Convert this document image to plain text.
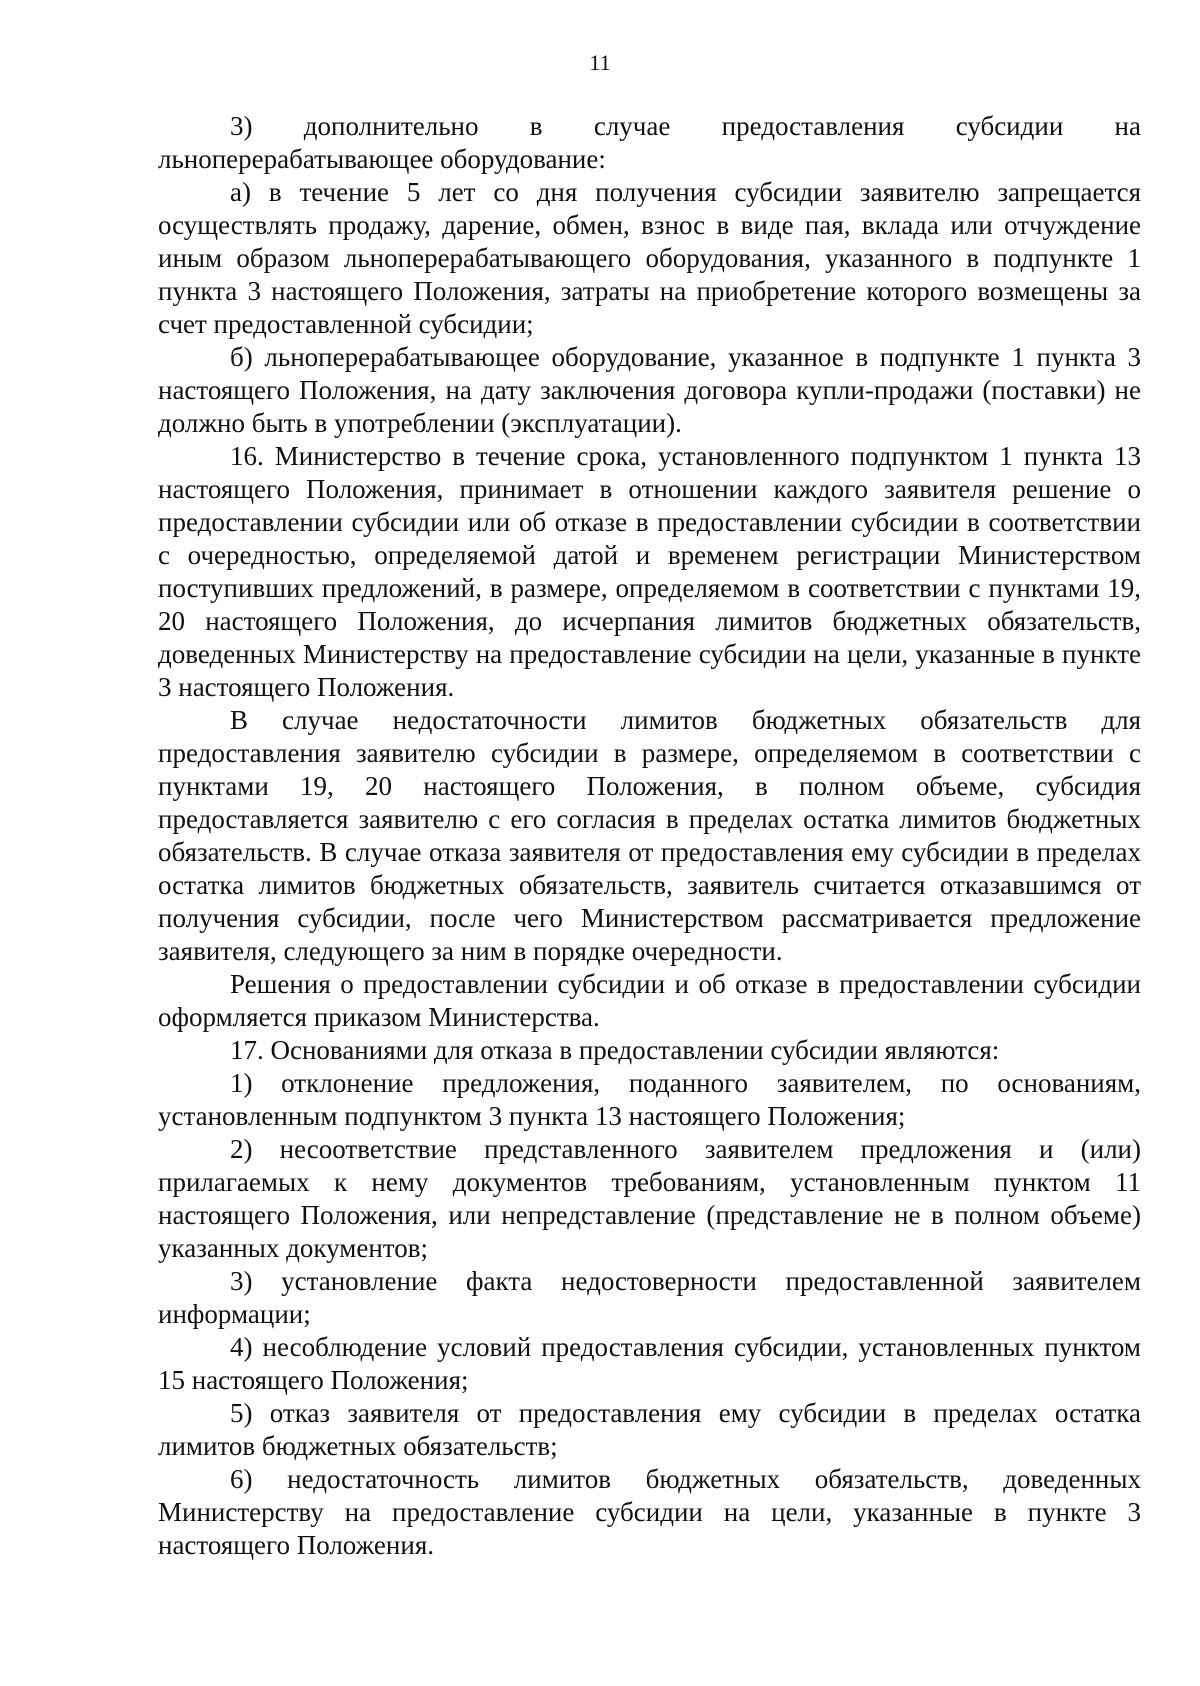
11

3) дополнительно в случае предоставления субсидии на льноперерабатывающее оборудование:

а) в течение 5 лет со дня получения субсидии заявителю запрещается осуществлять продажу, дарение, обмен, взнос в виде пая, вклада или отчуждение иным образом льноперерабатывающего оборудования, указанного в подпункте 1 пункта 3 настоящего Положения, затраты на приобретение которого возмещены за счет предоставленной субсидии;

б) льноперерабатывающее оборудование, указанное в подпункте 1 пункта 3 настоящего Положения, на дату заключения договора купли-продажи (поставки) не должно быть в употреблении (эксплуатации).

16. Министерство в течение срока, установленного подпунктом 1 пункта 13 настоящего Положения, принимает в отношении каждого заявителя решение о предоставлении субсидии или об отказе в предоставлении субсидии в соответствии с очередностью, определяемой датой и временем регистрации Министерством поступивших предложений, в размере, определяемом в соответствии с пунктами 19, 20 настоящего Положения, до исчерпания лимитов бюджетных обязательств, доведенных Министерству на предоставление субсидии на цели, указанные в пункте 3 настоящего Положения.

В случае недостаточности лимитов бюджетных обязательств для предоставления заявителю субсидии в размере, определяемом в соответствии с пунктами 19, 20 настоящего Положения, в полном объеме, субсидия предоставляется заявителю с его согласия в пределах остатка лимитов бюджетных обязательств. В случае отказа заявителя от предоставления ему субсидии в пределах остатка лимитов бюджетных обязательств, заявитель считается отказавшимся от получения субсидии, после чего Министерством рассматривается предложение заявителя, следующего за ним в порядке очередности.

Решения о предоставлении субсидии и об отказе в предоставлении субсидии оформляется приказом Министерства.

17. Основаниями для отказа в предоставлении субсидии являются:

1) отклонение предложения, поданного заявителем, по основаниям, установленным подпунктом 3 пункта 13 настоящего Положения;

2) несоответствие представленного заявителем предложения и (или) прилагаемых к нему документов требованиям, установленным пунктом 11 настоящего Положения, или непредставление (представление не в полном объеме) указанных документов;

3) установление факта недостоверности предоставленной заявителем информации;

4) несоблюдение условий предоставления субсидии, установленных пунктом 15 настоящего Положения;

5) отказ заявителя от предоставления ему субсидии в пределах остатка лимитов бюджетных обязательств;

6) недостаточность лимитов бюджетных обязательств, доведенных Министерству на предоставление субсидии на цели, указанные в пункте 3 настоящего Положения.
